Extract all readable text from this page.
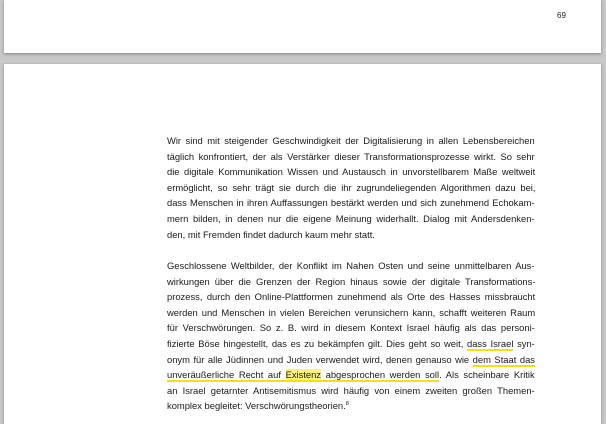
69
Wir sind mit steigender Geschwindigkeit der Digitalisierung in allen Lebensbereichen
täglich konfrontiert, der als Verstärker dieser Transformationsprozesse wirkt. So sehr
die digitale Kommunikation Wissen und Austausch in unvorstellbarem Maße weltweit
ermöglicht, so sehr trägt sie durch die ihr zugrundeliegenden Algorithmen dazu bei,
dass Menschen in ihren Auffassungen bestärkt werden und sich zunehmend Echokam-
mern bilden, in denen nur die eigene Meinung widerhallt. Dialog mit Andersdenken-
den, mit Fremden findet dadurch kaum mehr statt.
Geschlossene Weltbilder, der Konflikt im Nahen Osten und seine unmittelbaren Aus-
wirkungen über die Grenzen der Region hinaus sowie der digitale Transformations-
prozess, durch den Online-Plattformen zunehmend als Orte des Hasses missbraucht
werden und Menschen in vielen Bereichen verunsichern kann, schafft weiteren Raum
für Verschwörungen. So z. B. wird in diesem Kontext Israel häufig als das personi-
fizierte Böse hingestellt, das es zu bekämpfen gilt. Dies geht so weit, dass Israel syn-
onym für alle Jüdinnen und Juden verwendet wird, denen genauso wie dem Staat das
unveräußerliche Recht auf Existenz abgesprochen werden soll. Als scheinbare Kritik
an Israel getarnter Antisemitismus wird häufig von einem zweiten großen Themen-
komplex begleitet: Verschwörungstheorien.$^8$
